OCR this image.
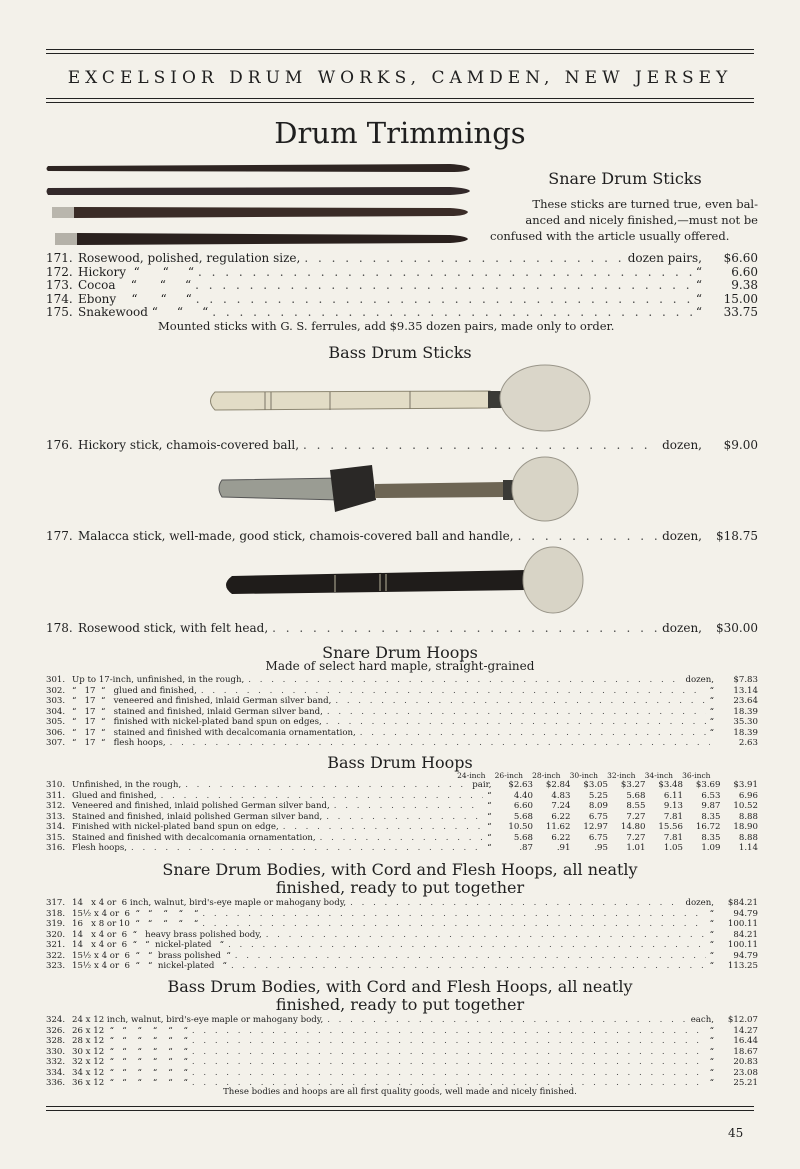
EXCELSIOR DRUM WORKS, CAMDEN, NEW JERSEY
Drum Trimmings
Snare Drum Sticks
These sticks are turned true, even bal-
anced and nicely finished,—must not be
confused with the article usually offered.
171. Rosewood, polished, regulation size, . . .	dozen pairs,	$6.60
172. Hickory  “      “     “ . . .	“	6.60
173. Cocoa    “      “     “ . . .	“	9.38
174. Ebony    “      “     “ . . .	“	15.00
175. Snakewood “     “     “ . . .	“	33.75
Mounted sticks with G. S. ferrules, add $9.35 dozen pairs, made only to order.
Bass Drum Sticks
176. Hickory stick, chamois-covered ball, . . .	dozen,	$9.00
177. Malacca stick, well-made, good stick, chamois-covered ball and handle, . . .	dozen,	$18.75
178. Rosewood stick, with felt head, . . .	dozen,	$30.00
Snare Drum Hoops
Made of select hard maple, straight-grained
301. Up to 17-inch, unfinished, in the rough, . . .	dozen,	$7.83
302. “   17  “   glued and finished, . . .	“	13.14
303. “   17  “   veneered and finished, inlaid German silver band, . . .	“	23.64
304. “   17  “   stained and finished, inlaid German silver band, . . .	“	18.39
305. “   17  “   finished with nickel-plated band spun on edges, . . .	“	35.30
306. “   17  “   stained and finished with decalcomania ornamentation, . . .	“	18.39
307. “   17  “   flesh hoops, . . .	2.63
Bass Drum Hoops
24-inch	26-inch	28-inch	30-inch	32-inch	34-inch	36-inch
310. Unfinished, in the rough, . . .	pair,	$2.63	$2.84	$3.05	$3.27	$3.48	$3.69	$3.91
311. Glued and finished, . . .	“	4.40	4.83	5.25	5.68	6.11	6.53	6.96
312. Veneered and finished, inlaid polished German silver band, . . .	“	6.60	7.24	8.09	8.55	9.13	9.87	10.52
313. Stained and finished, inlaid polished German silver band, . . .	“	5.68	6.22	6.75	7.27	7.81	8.35	8.88
314. Finished with nickel-plated band spun on edge, . . .	“	10.50	11.62	12.97	14.80	15.56	16.72	18.90
315. Stained and finished with decalcomania ornamentation, . . .	“	5.68	6.22	6.75	7.27	7.81	8.35	8.88
316. Flesh hoops, . . .	“	.87	.91	.95	1.01	1.05	1.09	1.14
Snare Drum Bodies, with Cord and Flesh Hoops, all neatly
finished, ready to put together
317. 14   x 4 or  6 inch, walnut, bird's-eye maple or mahogany body, . . .	dozen,	$84.21
318. 15½ x 4 or  6  “   “    “    “    “ . . .	“	94.79
319. 16   x 8 or 10  “   “    “    “    “ . . .	“	100.11
320. 14   x 4 or  6  “   heavy brass polished body, . . .	“	84.21
321. 14   x 4 or  6  “   “  nickel-plated   “ . . .	“	100.11
322. 15½ x 4 or  6  “   “  brass polished  “ . . .	“	94.79
323. 15½ x 4 or  6  “   “  nickel-plated   “ . . .	“	113.25
Bass Drum Bodies, with Cord and Flesh Hoops, all neatly
finished, ready to put together
324. 24 x 12 inch, walnut, bird's-eye maple or mahogany body, . . .	each,	$12.07
326. 26 x 12  “   “    “    “    “    “ . . .	“	14.27
328. 28 x 12  “   “    “    “    “    “ . . .	“	16.44
330. 30 x 12  “   “    “    “    “    “ . . .	“	18.67
332. 32 x 12  “   “    “    “    “    “ . . .	“	20.83
334. 34 x 12  “   “    “    “    “    “ . . .	“	23.08
336. 36 x 12  “   “    “    “    “    “ . . .	“	25.21
These bodies and hoops are all first quality goods, well made and nicely finished.
45
